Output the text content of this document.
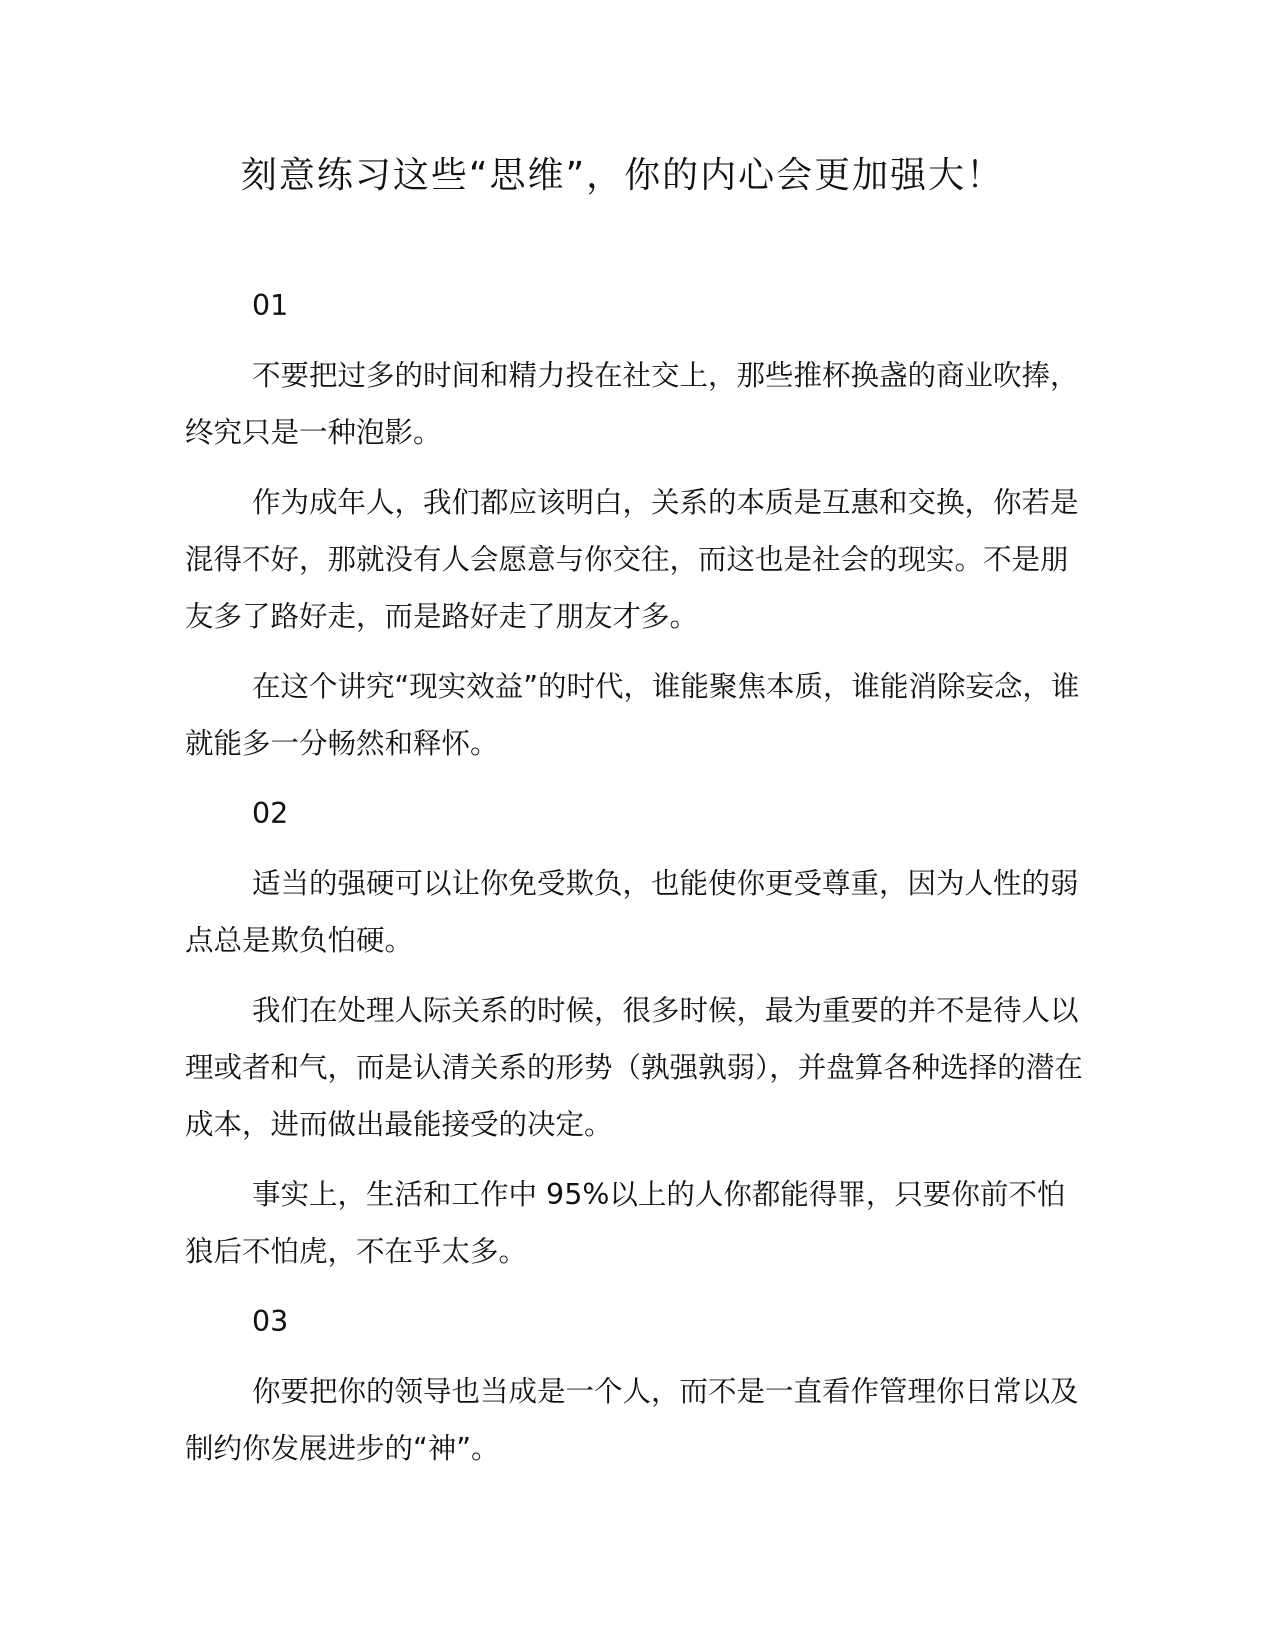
刻意练习这些“思维”，你的内心会更加强大！

01

不要把过多的时间和精力投在社交上，那些推杯换盏的商业吹捧，终究只是一种泡影。

作为成年人，我们都应该明白，关系的本质是互惠和交换，你若是混得不好，那就没有人会愿意与你交往，而这也是社会的现实。不是朋友多了路好走，而是路好走了朋友才多。

在这个讲究“现实效益”的时代，谁能聚焦本质，谁能消除妄念，谁就能多一分畅然和释怀。

02

适当的强硬可以让你免受欺负，也能使你更受尊重，因为人性的弱点总是欺负怕硬。

我们在处理人际关系的时候，很多时候，最为重要的并不是待人以理或者和气，而是认清关系的形势（孰强孰弱），并盘算各种选择的潜在成本，进而做出最能接受的决定。

事实上，生活和工作中 95%以上的人你都能得罪，只要你前不怕狼后不怕虎，不在乎太多。

03

你要把你的领导也当成是一个人，而不是一直看作管理你日常以及制约你发展进步的“神”。
